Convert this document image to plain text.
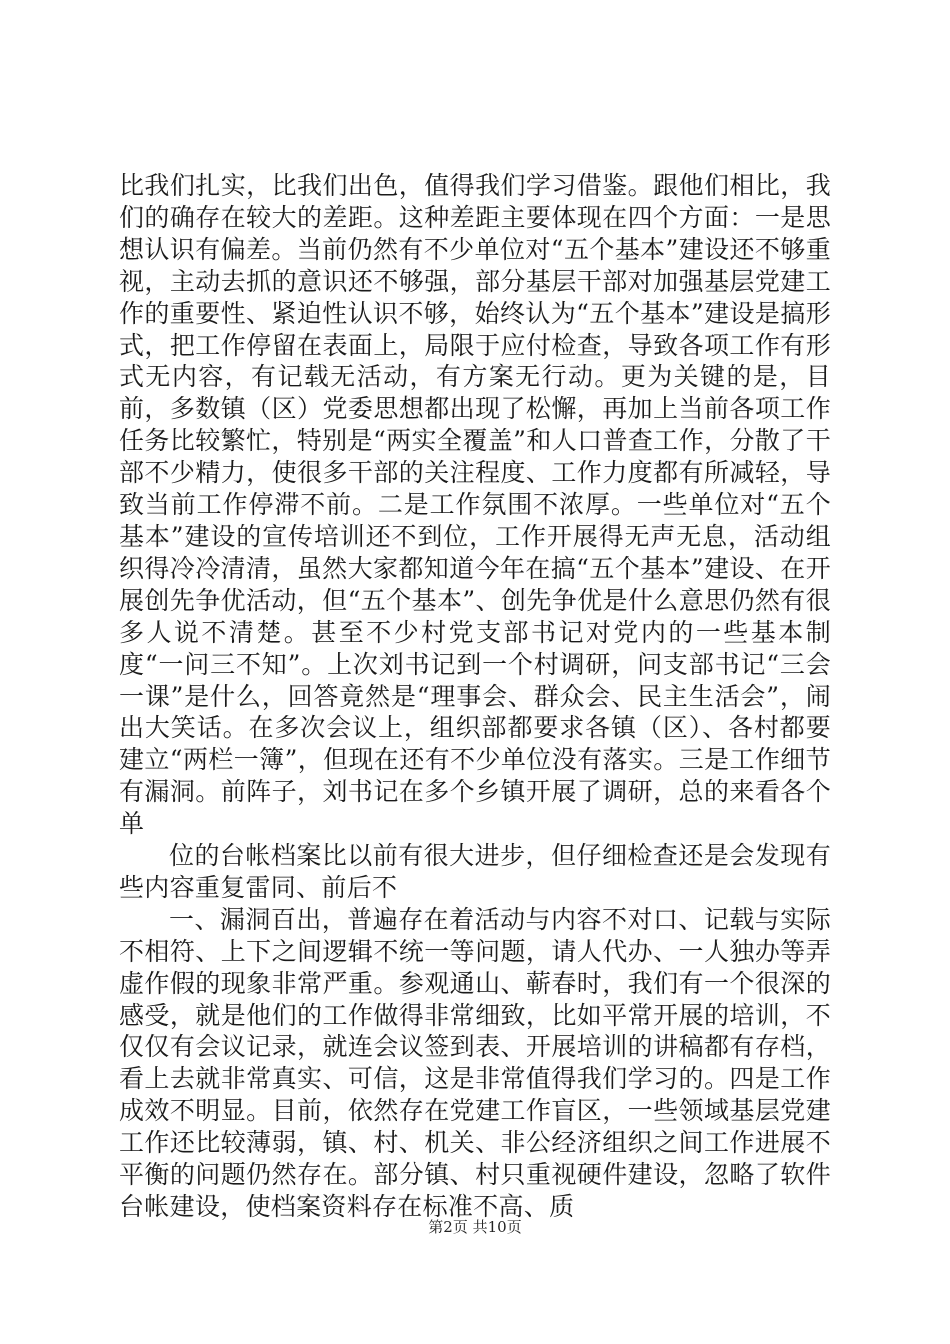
比我们扎实，比我们出色，值得我们学习借鉴。跟他们相比，我们的确存在较大的差距。这种差距主要体现在四个方面：一是思想认识有偏差。当前仍然有不少单位对“五个基本”建设还不够重视，主动去抓的意识还不够强，部分基层干部对加强基层党建工作的重要性、紧迫性认识不够，始终认为“五个基本”建设是搞形式，把工作停留在表面上，局限于应付检查，导致各项工作有形式无内容，有记载无活动，有方案无行动。更为关键的是，目前，多数镇（区）党委思想都出现了松懈，再加上当前各项工作任务比较繁忙，特别是“两实全覆盖”和人口普查工作，分散了干部不少精力，使很多干部的关注程度、工作力度都有所减轻，导致当前工作停滞不前。二是工作氛围不浓厚。一些单位对“五个基本”建设的宣传培训还不到位，工作开展得无声无息，活动组织得冷冷清清，虽然大家都知道今年在搞“五个基本”建设、在开展创先争优活动，但“五个基本”、创先争优是什么意思仍然有很多人说不清楚。甚至不少村党支部书记对党内的一些基本制度“一问三不知”。上次刘书记到一个村调研，问支部书记“三会一课”是什么，回答竟然是“理事会、群众会、民主生活会”，闹出大笑话。在多次会议上，组织部都要求各镇（区）、各村都要建立“两栏一簿”，但现在还有不少单位没有落实。三是工作细节有漏洞。前阵子，刘书记在多个乡镇开展了调研，总的来看各个单

位的台帐档案比以前有很大进步，但仔细检查还是会发现有些内容重复雷同、前后不

一、漏洞百出，普遍存在着活动与内容不对口、记载与实际不相符、上下之间逻辑不统一等问题，请人代办、一人独办等弄虚作假的现象非常严重。参观通山、蕲春时，我们有一个很深的感受，就是他们的工作做得非常细致，比如平常开展的培训，不仅仅有会议记录，就连会议签到表、开展培训的讲稿都有存档，看上去就非常真实、可信，这是非常值得我们学习的。四是工作成效不明显。目前，依然存在党建工作盲区，一些领域基层党建工作还比较薄弱，镇、村、机关、非公经济组织之间工作进展不平衡的问题仍然存在。部分镇、村只重视硬件建设，忽略了软件台帐建设，使档案资料存在标准不高、质

第2页 共10页
